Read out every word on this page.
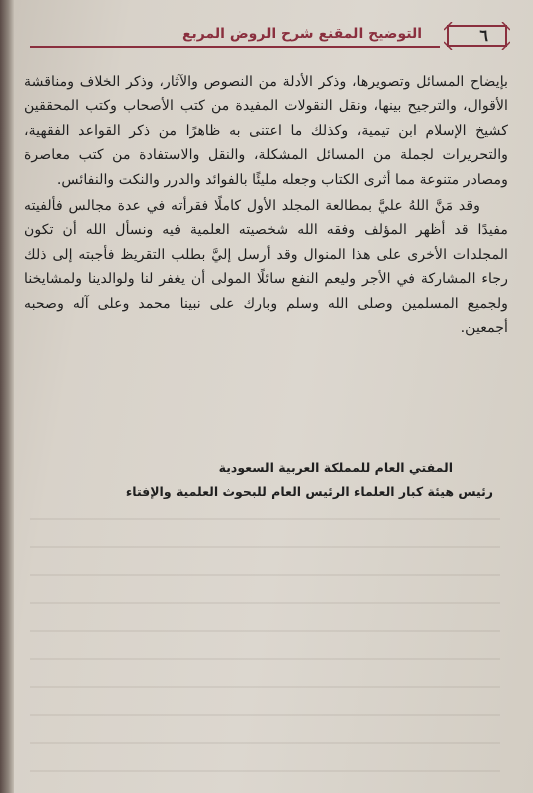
التوضيح المقنع شرح الروض المربع	٦

بإيضاح المسائل وتصويرها، وذكر الأدلة من النصوص والآثار، وذكر الخلاف ومناقشة الأقوال، والترجيح بينها، ونقل النقولات المفيدة من كتب الأصحاب وكتب المحققين كشيخ الإسلام ابن تيمية، وكذلك ما اعتنى به ظاهرًا من ذكر القواعد الفقهية، والتحريرات لجملة من المسائل المشكلة، والنقل والاستفادة من كتب معاصرة ومصادر متنوعة مما أثرى الكتاب وجعله مليئًا بالفوائد والدرر والنكت والنفائس.

وقد مَنَّ اللهُ عليَّ بمطالعة المجلد الأول كاملًا فقرأته في عدة مجالس فألفيته مفيدًا قد أظهر المؤلف وفقه الله شخصيته العلمية فيه ونسأل الله أن تكون المجلدات الأخرى على هذا المنوال وقد أرسل إليَّ بطلب التقريظ فأجبته إلى ذلك رجاء المشاركة في الأجر وليعم النفع سائلًا المولى أن يغفر لنا ولوالدينا ولمشايخنا ولجميع المسلمين وصلى الله وسلم وبارك على نبينا محمد وعلى آله وصحبه أجمعين.

المفتي العام للمملكة العربية السعودية
رئيس هيئة كبار العلماء الرئيس العام للبحوث العلمية والإفتاء
